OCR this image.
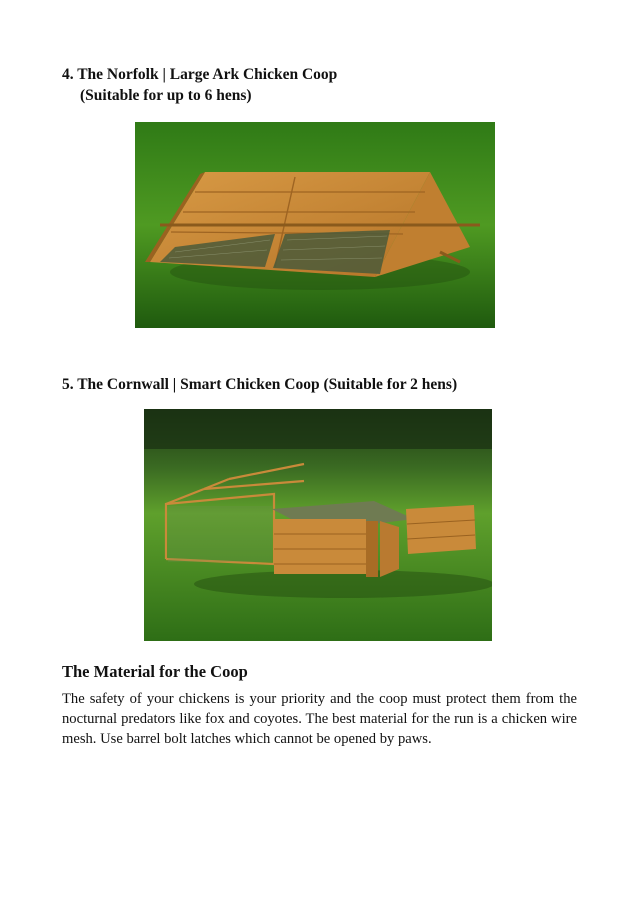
4. The Norfolk | Large Ark Chicken Coop
(Suitable for up to 6 hens)
5. The Cornwall | Smart Chicken Coop (Suitable for 2 hens)
The Material for the Coop

The safety of your chickens is your priority and the coop must protect them from the nocturnal predators like fox and coyotes. The best material for the run is a chicken wire mesh. Use barrel bolt latches which cannot be opened by paws.
